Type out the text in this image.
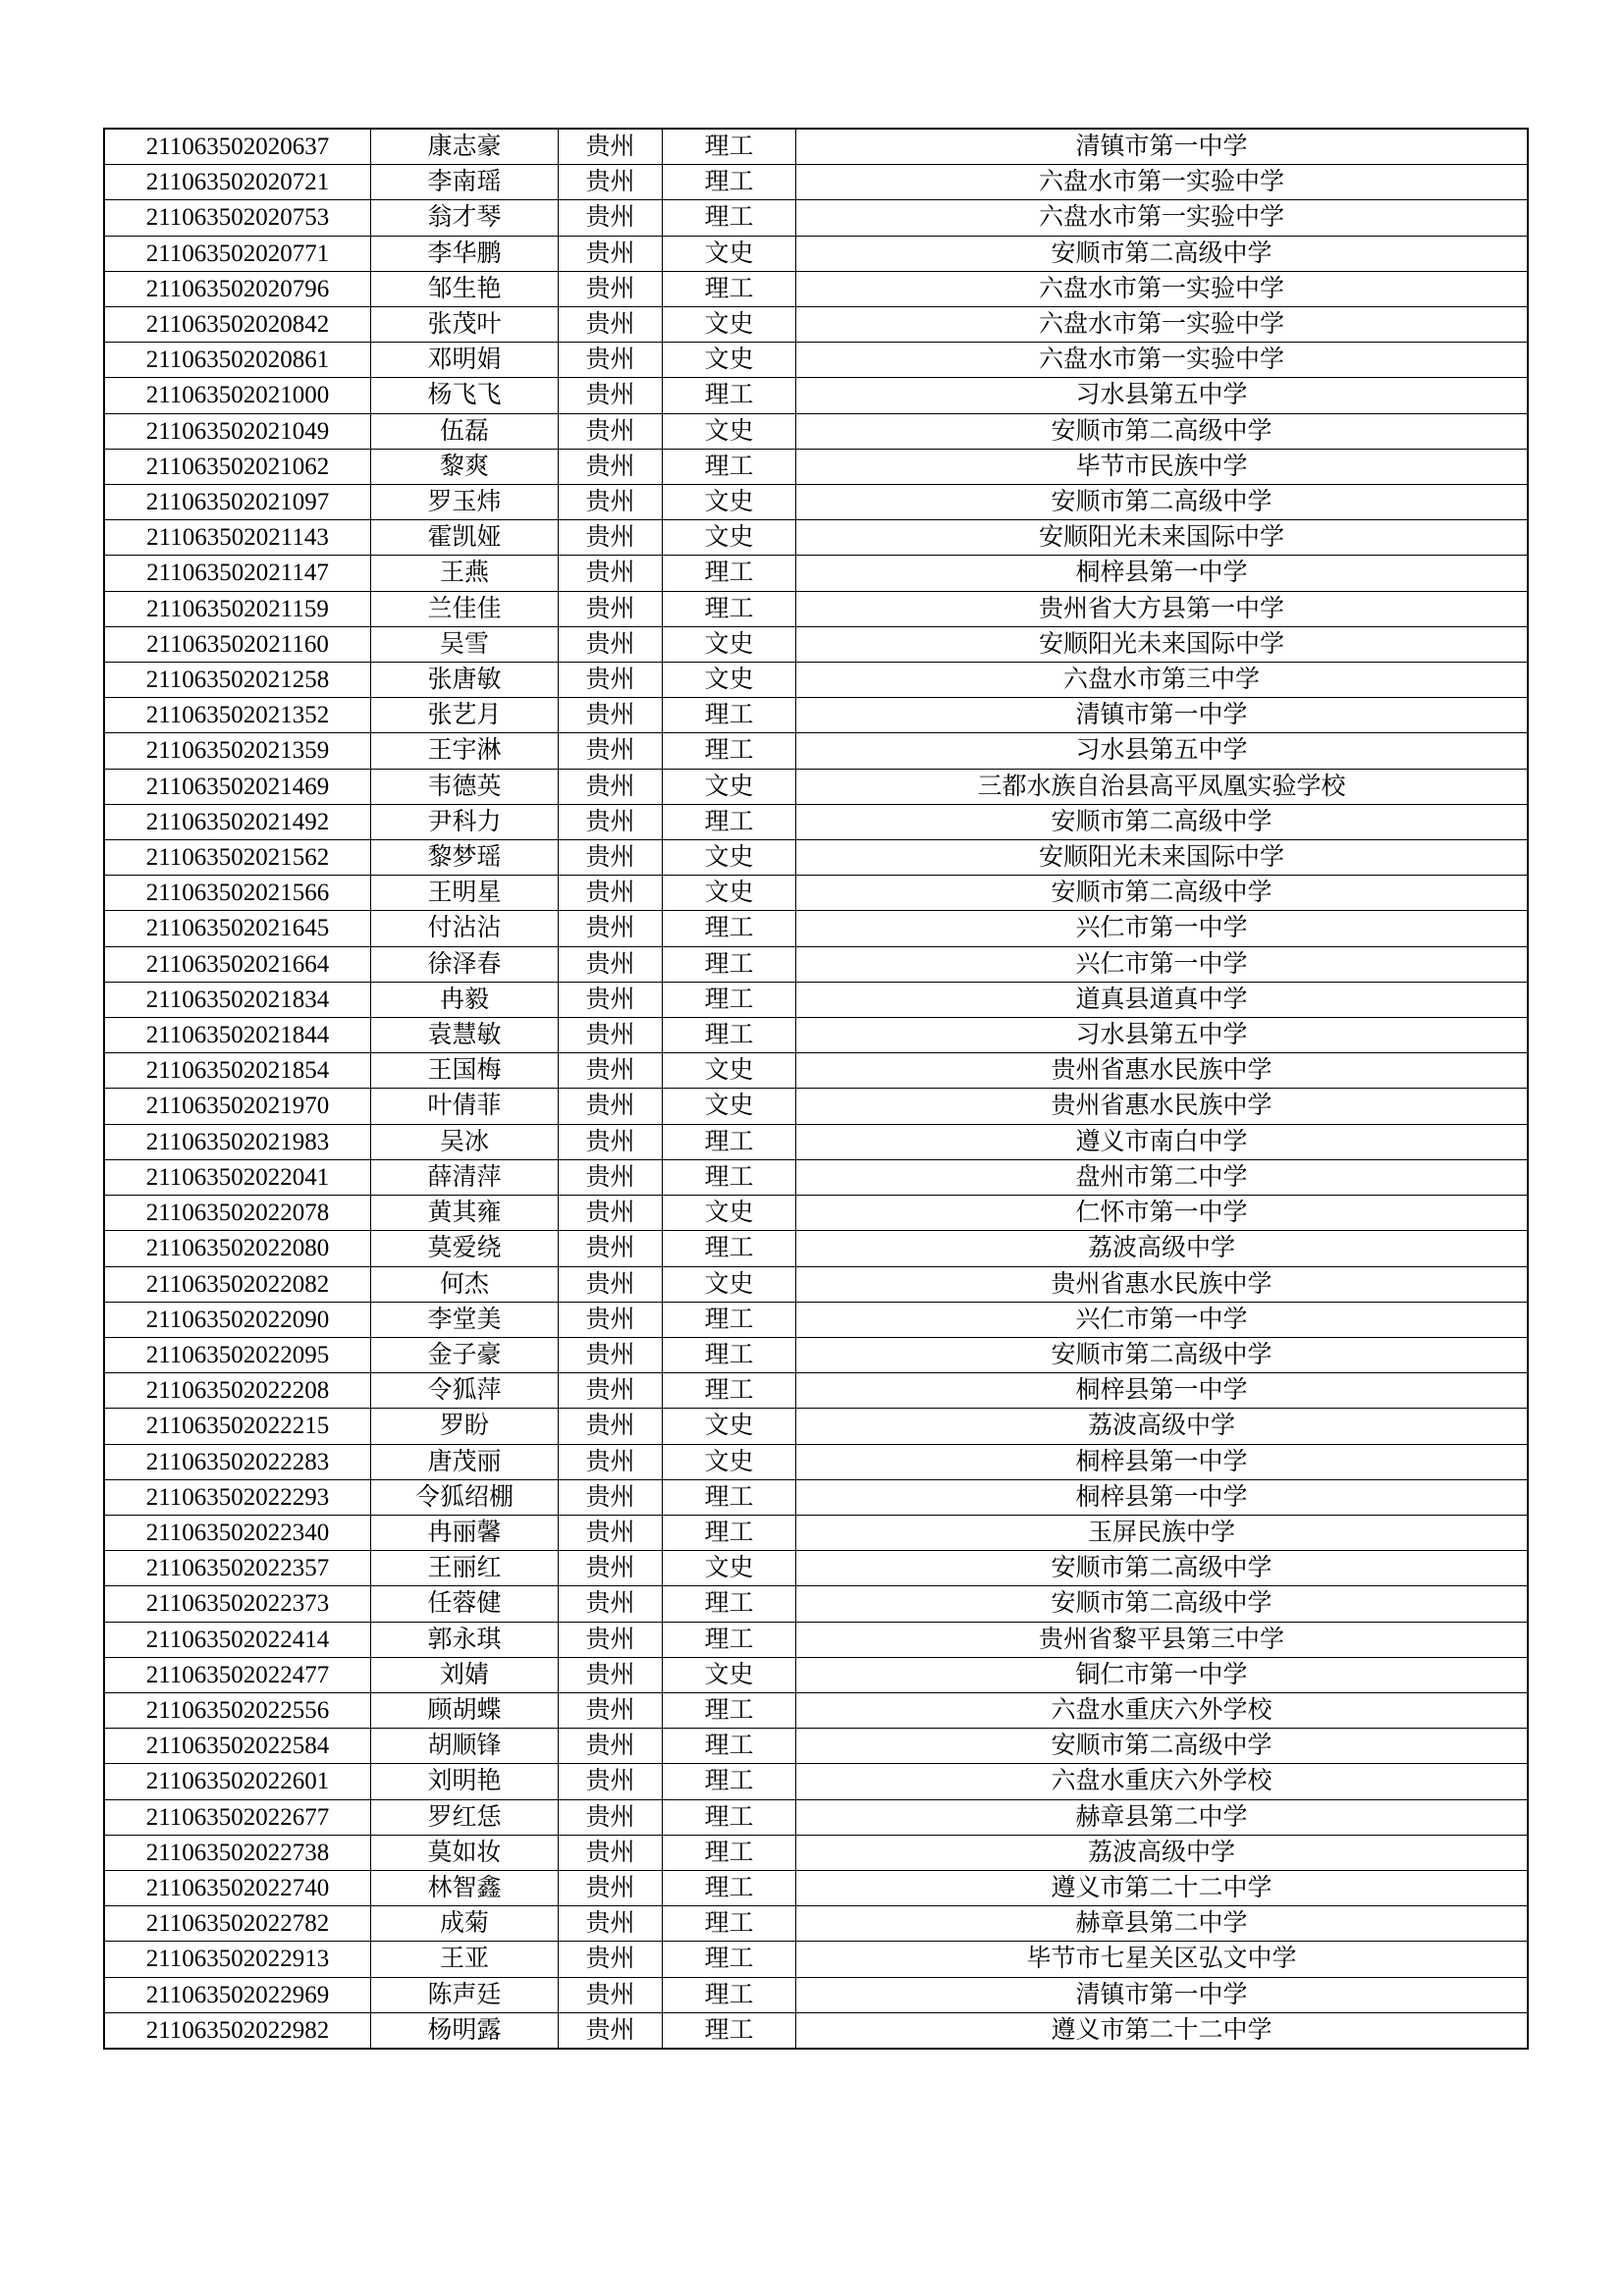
211063502020637	康志豪	贵州	理工	清镇市第一中学
211063502020721	李南瑶	贵州	理工	六盘水市第一实验中学
211063502020753	翁才琴	贵州	理工	六盘水市第一实验中学
211063502020771	李华鹏	贵州	文史	安顺市第二高级中学
211063502020796	邹生艳	贵州	理工	六盘水市第一实验中学
211063502020842	张茂叶	贵州	文史	六盘水市第一实验中学
211063502020861	邓明娟	贵州	文史	六盘水市第一实验中学
211063502021000	杨飞飞	贵州	理工	习水县第五中学
211063502021049	伍磊	贵州	文史	安顺市第二高级中学
211063502021062	黎爽	贵州	理工	毕节市民族中学
211063502021097	罗玉炜	贵州	文史	安顺市第二高级中学
211063502021143	霍凯娅	贵州	文史	安顺阳光未来国际中学
211063502021147	王燕	贵州	理工	桐梓县第一中学
211063502021159	兰佳佳	贵州	理工	贵州省大方县第一中学
211063502021160	吴雪	贵州	文史	安顺阳光未来国际中学
211063502021258	张唐敏	贵州	文史	六盘水市第三中学
211063502021352	张艺月	贵州	理工	清镇市第一中学
211063502021359	王宇淋	贵州	理工	习水县第五中学
211063502021469	韦德英	贵州	文史	三都水族自治县高平凤凰实验学校
211063502021492	尹科力	贵州	理工	安顺市第二高级中学
211063502021562	黎梦瑶	贵州	文史	安顺阳光未来国际中学
211063502021566	王明星	贵州	文史	安顺市第二高级中学
211063502021645	付沾沾	贵州	理工	兴仁市第一中学
211063502021664	徐泽春	贵州	理工	兴仁市第一中学
211063502021834	冉毅	贵州	理工	道真县道真中学
211063502021844	袁慧敏	贵州	理工	习水县第五中学
211063502021854	王国梅	贵州	文史	贵州省惠水民族中学
211063502021970	叶倩菲	贵州	文史	贵州省惠水民族中学
211063502021983	吴冰	贵州	理工	遵义市南白中学
211063502022041	薛清萍	贵州	理工	盘州市第二中学
211063502022078	黄其雍	贵州	文史	仁怀市第一中学
211063502022080	莫爱绕	贵州	理工	荔波高级中学
211063502022082	何杰	贵州	文史	贵州省惠水民族中学
211063502022090	李堂美	贵州	理工	兴仁市第一中学
211063502022095	金子豪	贵州	理工	安顺市第二高级中学
211063502022208	令狐萍	贵州	理工	桐梓县第一中学
211063502022215	罗盼	贵州	文史	荔波高级中学
211063502022283	唐茂丽	贵州	文史	桐梓县第一中学
211063502022293	令狐绍棚	贵州	理工	桐梓县第一中学
211063502022340	冉丽馨	贵州	理工	玉屏民族中学
211063502022357	王丽红	贵州	文史	安顺市第二高级中学
211063502022373	任蓉健	贵州	理工	安顺市第二高级中学
211063502022414	郭永琪	贵州	理工	贵州省黎平县第三中学
211063502022477	刘婧	贵州	文史	铜仁市第一中学
211063502022556	顾胡蝶	贵州	理工	六盘水重庆六外学校
211063502022584	胡顺锋	贵州	理工	安顺市第二高级中学
211063502022601	刘明艳	贵州	理工	六盘水重庆六外学校
211063502022677	罗红恁	贵州	理工	赫章县第二中学
211063502022738	莫如妆	贵州	理工	荔波高级中学
211063502022740	林智鑫	贵州	理工	遵义市第二十二中学
211063502022782	成菊	贵州	理工	赫章县第二中学
211063502022913	王亚	贵州	理工	毕节市七星关区弘文中学
211063502022969	陈声廷	贵州	理工	清镇市第一中学
211063502022982	杨明露	贵州	理工	遵义市第二十二中学
